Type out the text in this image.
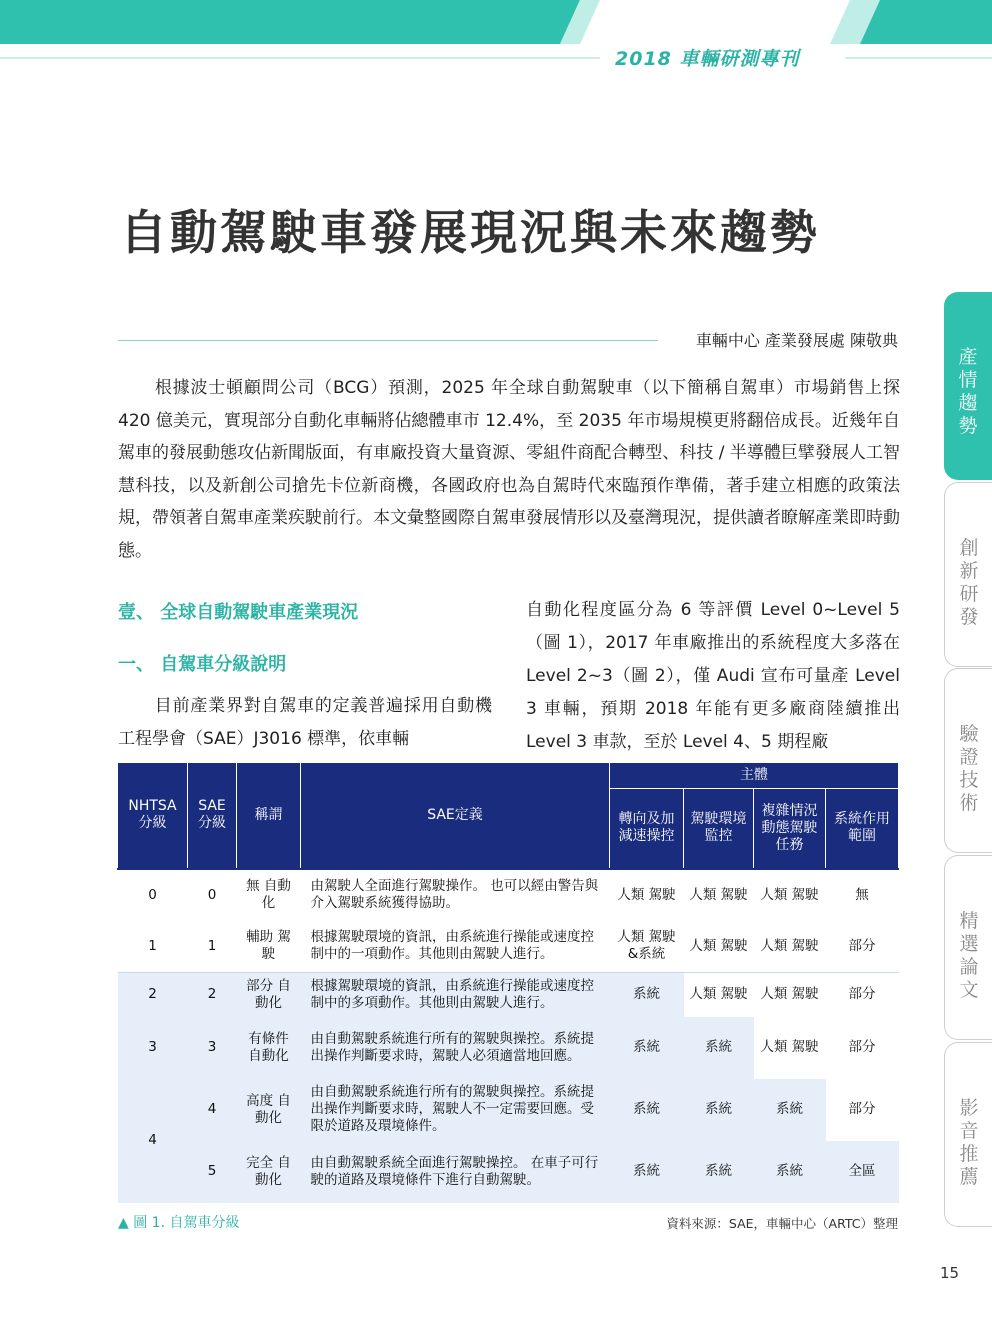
2018 車輛研測專刊
自動駕駛車發展現況與未來趨勢
車輛中心 產業發展處 陳敬典

根據波士頓顧問公司（BCG）預測，2025 年全球自動駕駛車（以下簡稱自駕車）市場銷售上探 420 億美元，實現部分自動化車輛將佔總體車市 12.4%，至 2035 年市場規模更將翻倍成長。近幾年自駕車的發展動態攻佔新聞版面，有車廠投資大量資源、零組件商配合轉型、科技 / 半導體巨擘發展人工智慧科技，以及新創公司搶先卡位新商機，各國政府也為自駕時代來臨預作準備，著手建立相應的政策法規，帶領著自駕車產業疾駛前行。本文彙整國際自駕車發展情形以及臺灣現況，提供讀者瞭解產業即時動態。

壹、 全球自動駕駛車產業現況
一、 自駕車分級說明

目前產業界對自駕車的定義普遍採用自動機工程學會（SAE）J3016 標準，依車輛

自動化程度區分為 6 等評價 Level 0~Level 5（圖 1），2017 年車廠推出的系統程度大多落在 Level 2~3（圖 2），僅 Audi 宣布可量產 Level 3 車輛，預期 2018 年能有更多廠商陸續推出 Level 3 車款，至於 Level 4、5 期程廠

NHTSA 分級	SAE 分級	稱謂	SAE定義	主體			
				轉向及加減速操控	駕駛環境監控	複雜情況動態駕駛任務	系統作用範圍
0	0	無 自動化	由駕駛人全面進行駕駛操作。 也可以經由警告與介入駕駛系統獲得協助。	人類 駕駛	人類 駕駛	人類 駕駛	無
1	1	輔助 駕駛	根據駕駛環境的資訊，由系統進行操能或速度控制中的一項動作。其他則由駕駛人進行。	人類 駕駛 &系統	人類 駕駛	人類 駕駛	部分
2	2	部分 自動化	根據駕駛環境的資訊，由系統進行操能或速度控制中的多項動作。其他則由駕駛人進行。	系統	人類 駕駛	人類 駕駛	部分
3	3	有條件 自動化	由自動駕駛系統進行所有的駕駛與操控。系統提出操作判斷要求時，駕駛人必須適當地回應。	系統	系統	人類 駕駛	部分
4	4	高度 自動化	由自動駕駛系統進行所有的駕駛與操控。系統提出操作判斷要求時，駕駛人不一定需要回應。受限於道路及環境條件。	系統	系統	系統	部分
	5	完全 自動化	由自動駕駛系統全面進行駕駛操控。 在車子可行駛的道路及環境條件下進行自動駕駛。	系統	系統	系統	全區
▲ 圖 1. 自駕車分級	資料來源：SAE，車輛中心（ARTC）整理
15
產情趨勢
創新研發
驗證技術
精選論文
影音推薦
